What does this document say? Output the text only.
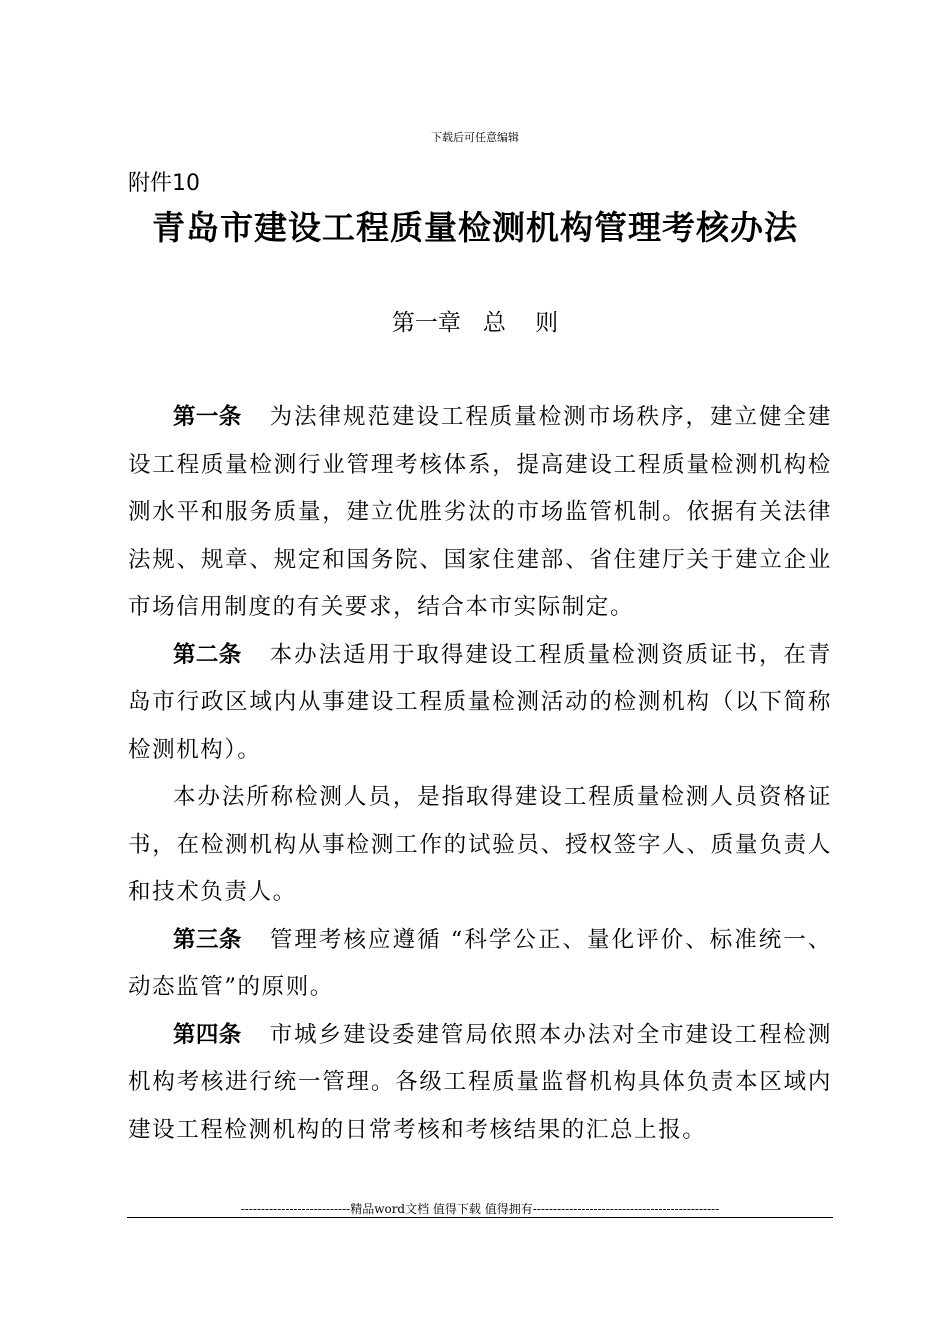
下载后可任意编辑
附件10
青岛市建设工程质量检测机构管理考核办法
第一章   总    则

第一条 为法律规范建设工程质量检测市场秩序，建立健全建设工程质量检测行业管理考核体系，提高建设工程质量检测机构检测水平和服务质量，建立优胜劣汰的市场监管机制。依据有关法律法规、规章、规定和国务院、国家住建部、省住建厅关于建立企业市场信用制度的有关要求，结合本市实际制定。

第二条 本办法适用于取得建设工程质量检测资质证书，在青岛市行政区域内从事建设工程质量检测活动的检测机构（以下简称检测机构）。

本办法所称检测人员，是指取得建设工程质量检测人员资格证书，在检测机构从事检测工作的试验员、授权签字人、质量负责人和技术负责人。

第三条 管理考核应遵循 “科学公正、量化评价、标准统一、动态监管”的原则。

第四条 市城乡建设委建管局依照本办法对全市建设工程检测机构考核进行统一管理。各级工程质量监督机构具体负责本区域内建设工程检测机构的日常考核和考核结果的汇总上报。

---------------------------精品word文档 值得下载 值得拥有----------------------------------------------
